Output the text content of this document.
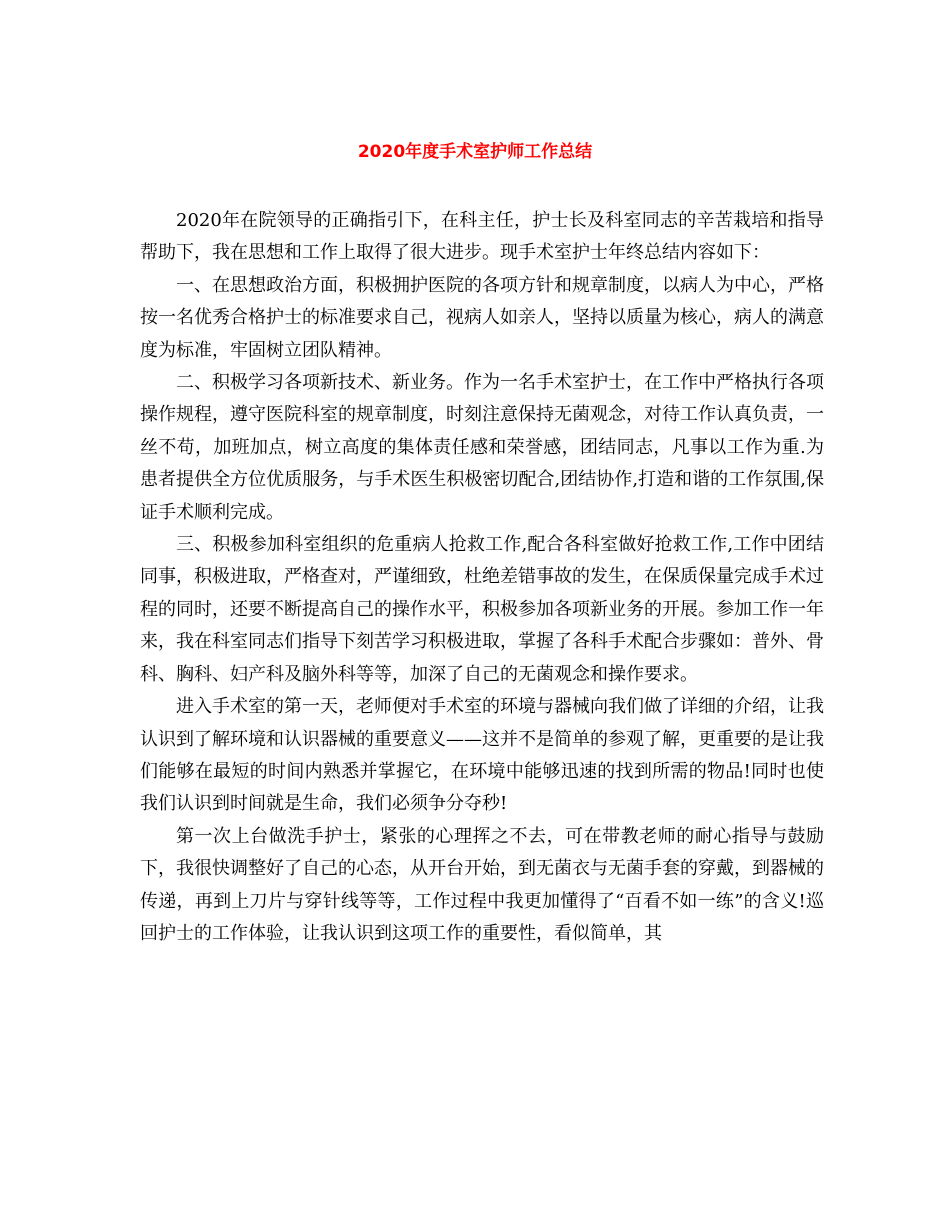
2020年度手术室护师工作总结

2020年在院领导的正确指引下，在科主任，护士长及科室同志的辛苦栽培和指导帮助下，我在思想和工作上取得了很大进步。现手术室护士年终总结内容如下：

一、在思想政治方面，积极拥护医院的各项方针和规章制度，以病人为中心，严格按一名优秀合格护士的标准要求自己，视病人如亲人，坚持以质量为核心，病人的满意度为标准，牢固树立团队精神。

二、积极学习各项新技术、新业务。作为一名手术室护士，在工作中严格执行各项操作规程，遵守医院科室的规章制度，时刻注意保持无菌观念，对待工作认真负责，一丝不苟，加班加点，树立高度的集体责任感和荣誉感，团结同志，凡事以工作为重.为患者提供全方位优质服务，与手术医生积极密切配合,团结协作,打造和谐的工作氛围,保证手术顺利完成。

三、积极参加科室组织的危重病人抢救工作,配合各科室做好抢救工作,工作中团结同事，积极进取，严格查对，严谨细致，杜绝差错事故的发生，在保质保量完成手术过程的同时，还要不断提高自己的操作水平，积极参加各项新业务的开展。参加工作一年来，我在科室同志们指导下刻苦学习积极进取，掌握了各科手术配合步骤如：普外、骨科、胸科、妇产科及脑外科等等，加深了自己的无菌观念和操作要求。

进入手术室的第一天，老师便对手术室的环境与器械向我们做了详细的介绍，让我认识到了解环境和认识器械的重要意义——这并不是简单的参观了解，更重要的是让我们能够在最短的时间内熟悉并掌握它，在环境中能够迅速的找到所需的物品!同时也使我们认识到时间就是生命，我们必须争分夺秒!

第一次上台做洗手护士，紧张的心理挥之不去，可在带教老师的耐心指导与鼓励下，我很快调整好了自己的心态，从开台开始，到无菌衣与无菌手套的穿戴，到器械的传递，再到上刀片与穿针线等等，工作过程中我更加懂得了“百看不如一练”的含义!巡回护士的工作体验，让我认识到这项工作的重要性，看似简单，其
